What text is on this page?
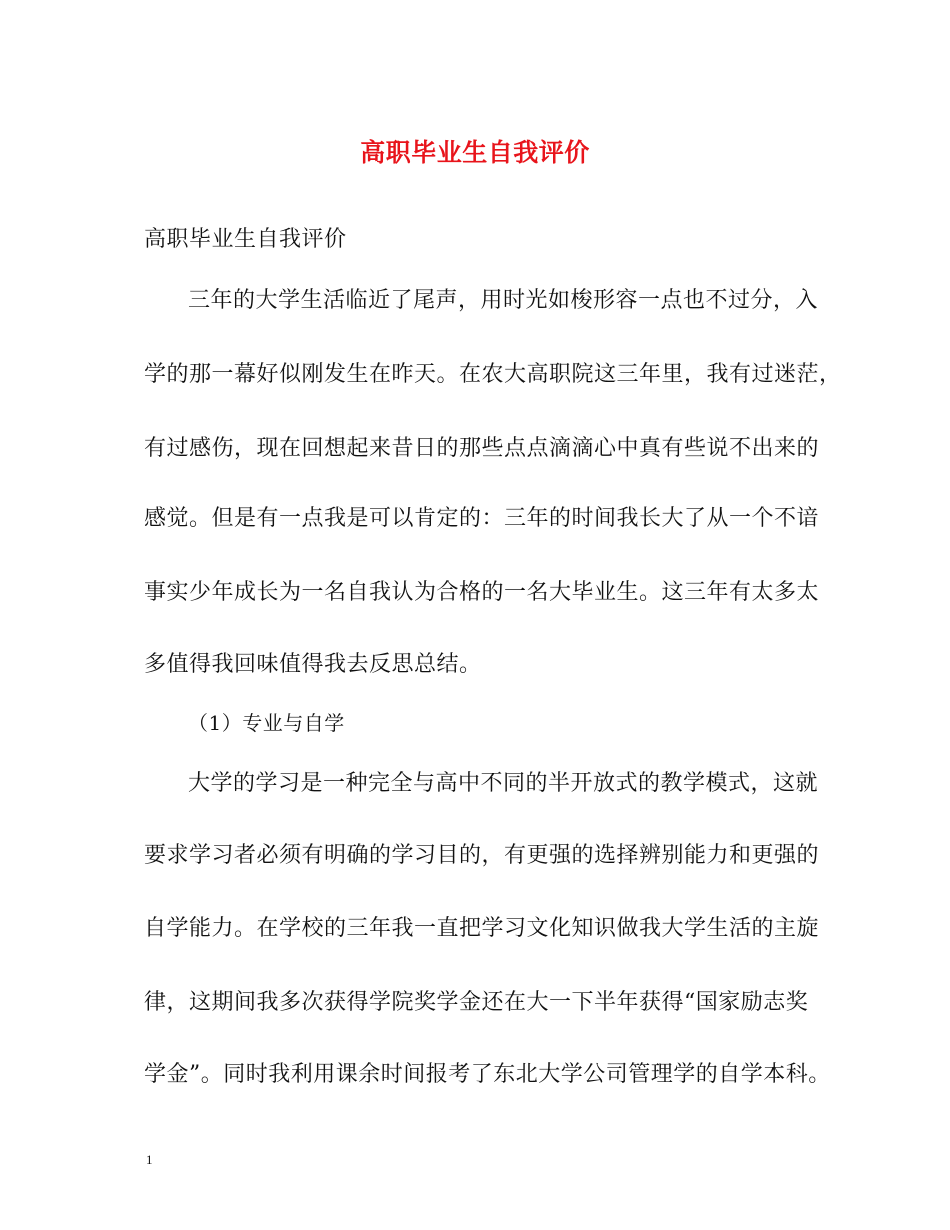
高职毕业生自我评价
高职毕业生自我评价
三年的大学生活临近了尾声，用时光如梭形容一点也不过分，入
学的那一幕好似刚发生在昨天。在农大高职院这三年里，我有过迷茫，
有过感伤，现在回想起来昔日的那些点点滴滴心中真有些说不出来的
感觉。但是有一点我是可以肯定的：三年的时间我长大了从一个不谙
事实少年成长为一名自我认为合格的一名大毕业生。这三年有太多太
多值得我回味值得我去反思总结。
（1）专业与自学
大学的学习是一种完全与高中不同的半开放式的教学模式，这就
要求学习者必须有明确的学习目的，有更强的选择辨别能力和更强的
自学能力。在学校的三年我一直把学习文化知识做我大学生活的主旋
律，这期间我多次获得学院奖学金还在大一下半年获得“国家励志奖
学金”。同时我利用课余时间报考了东北大学公司管理学的自学本科。
1
